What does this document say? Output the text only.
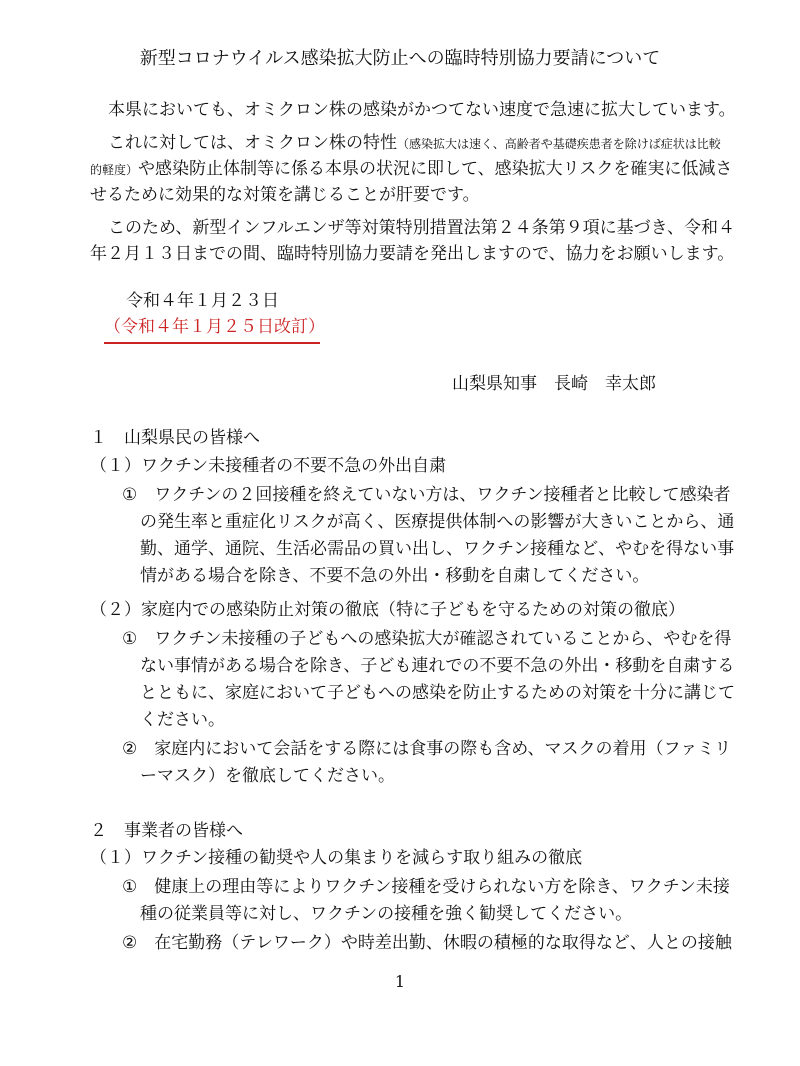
新型コロナウイルス感染拡大防止への臨時特別協力要請について
本県においても、オミクロン株の感染がかつてない速度で急速に拡大しています。
これに対しては、オミクロン株の特性（感染拡大は速く、高齢者や基礎疾患者を除けば症状は比較
的軽度）や感染防止体制等に係る本県の状況に即して、感染拡大リスクを確実に低減さ
せるために効果的な対策を講じることが肝要です。
このため、新型インフルエンザ等対策特別措置法第２４条第９項に基づき、令和４
年２月１３日までの間、臨時特別協力要請を発出しますので、協力をお願いします。
令和４年１月２３日
（令和４年１月２５日改訂）
山梨県知事　長崎　幸太郎
１　山梨県民の皆様へ
（１）ワクチン未接種者の不要不急の外出自粛
①　ワクチンの２回接種を終えていない方は、ワクチン接種者と比較して感染者
の発生率と重症化リスクが高く、医療提供体制への影響が大きいことから、通
勤、通学、通院、生活必需品の買い出し、ワクチン接種など、やむを得ない事
情がある場合を除き、不要不急の外出・移動を自粛してください。
（２）家庭内での感染防止対策の徹底（特に子どもを守るための対策の徹底）
①　ワクチン未接種の子どもへの感染拡大が確認されていることから、やむを得
ない事情がある場合を除き、子ども連れでの不要不急の外出・移動を自粛する
とともに、家庭において子どもへの感染を防止するための対策を十分に講じて
ください。
②　家庭内において会話をする際には食事の際も含め、マスクの着用（ファミリ
ーマスク）を徹底してください。
２　事業者の皆様へ
（１）ワクチン接種の勧奨や人の集まりを減らす取り組みの徹底
①　健康上の理由等によりワクチン接種を受けられない方を除き、ワクチン未接
種の従業員等に対し、ワクチンの接種を強く勧奨してください。
②　在宅勤務（テレワーク）や時差出勤、休暇の積極的な取得など、人との接触
1
